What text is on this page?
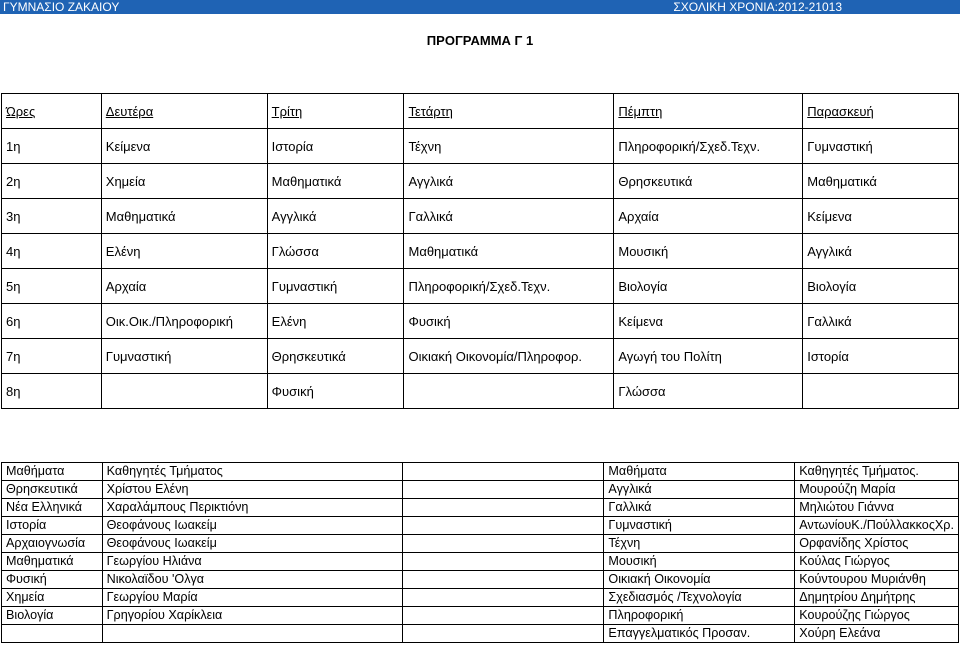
ΓΥΜΝΑΣΙΟ ΖΑΚΑΙΟΥ	ΣΧΟΛΙΚΗ ΧΡΟΝΙΑ:2012-21013
ΠΡΟΓΡΑΜΜΑ Γ 1
Ώρες	Δευτέρα	Τρίτη	Τετάρτη	Πέμπτη	Παρασκευή
1η	Κείμενα	Ιστορία	Τέχνη	Πληροφορική/Σχεδ.Τεχν.	Γυμναστική
2η	Χημεία	Μαθηματικά	Αγγλικά	Θρησκευτικά	Μαθηματικά
3η	Μαθηματικά	Αγγλικά	Γαλλικά	Αρχαία	Κείμενα
4η	Ελένη	Γλώσσα	Μαθηματικά	Μουσική	Αγγλικά
5η	Αρχαία	Γυμναστική	Πληροφορική/Σχεδ.Τεχν.	Βιολογία	Βιολογία
6η	Οικ.Οικ./Πληροφορική	Ελένη	Φυσική	Κείμενα	Γαλλικά
7η	Γυμναστική	Θρησκευτικά	Οικιακή Οικονομία/Πληροφορ.	Αγωγή του Πολίτη	Ιστορία
8η		Φυσική		Γλώσσα	
Μαθήματα	Καθηγητές Τμήματος		Μαθήματα	Καθηγητές Τμήματος.
Θρησκευτικά	Χρίστου Ελένη		Αγγλικά	Μουρούζη Μαρία
Νέα Ελληνικά	Χαραλάμπους Περικτιόνη		Γαλλικά	Μηλιώτου Γιάννα
Ιστορία	Θεοφάνους Ιωακείμ		Γυμναστική	ΑντωνίουΚ./ΠούλλακκοςΧρ.
Αρχαιογνωσία	Θεοφάνους Ιωακείμ		Τέχνη	Ορφανίδης Χρίστος
Μαθηματικά	Γεωργίου Ηλιάνα		Μουσική	Κούλας Γιώργος
Φυσική	Νικολαϊδου 'Ολγα		Οικιακή Οικονομία	Κούντουρου Μυριάνθη
Χημεία	Γεωργίου Μαρία		Σχεδιασμός /Τεχνολογία	Δημητρίου Δημήτρης
Βιολογία	Γρηγορίου Χαρίκλεια		Πληροφορική	Κουρούζης Γιώργος
			Επαγγελματικός Προσαν.	Χούρη Ελεάνα
